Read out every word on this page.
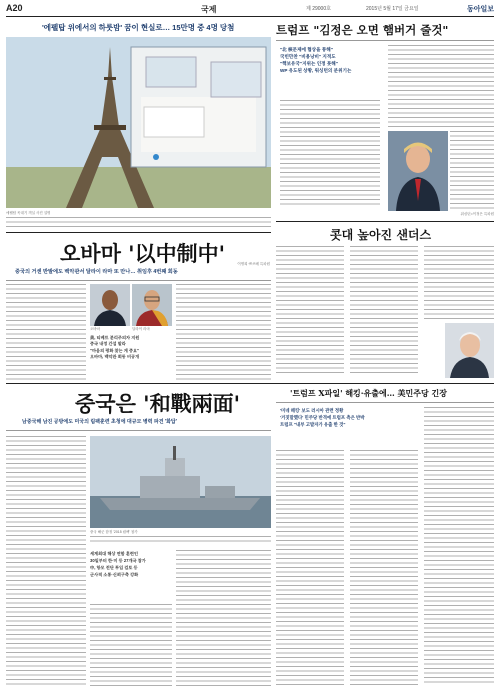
A20	국제	제 29000호	2015년 5월 17일 금요일	동아일보
'에펠탑 위에서의 하룻밤' 꿈이 현실로… 15만명 중 4명 당첨
에펠탑 꼭대기 객실 사진 설명
트럼프 "김정은 오면 햄버거 줄것"
"北 核문제에 협상을 통해"
국빈만찬 "비용낭비" 지적도
"핵보유국"지위는 인정 못해"
WP 유도된 상황, 워싱턴의 분위기는
워싱턴=이정은 특파원
콧대 높아진 샌더스
오바마 '以中制中'	이명희·쯔쓰베 특파원
중국의 거센 반발에도 백악관서 달라이 라마 또 만나… 취임후 4번째 회동
오바마	달라이 라마
美, 티베트 분리주의자 지원
중국 내정 간섭 말라
"마음의 평화 찾는 게 중요"
오바마, 백악관 회동 비공개
중국은 '和戰兩面'
남중국해 남진 공방에도 미국의 림팩훈련 초청에 대규모 병력 파견 '화답'
중국 해군 함정 '2015 림팩' 참가
세계최대 해상 연합 훈련인
30일부터 한·미 등 27개국 참가
中, 항모 전단 투입 검토 등
군사적 소통·신뢰구축 강화
'트럼프 X파일' 해킹·유출에… 美민주당 긴장
'미네 해킹' 보도 러시아 관련 정황
'거짓말했다' 민주당 반격에 트럼프 측은 반박
트럼프 "내부 고발자가 유출 한 것"
